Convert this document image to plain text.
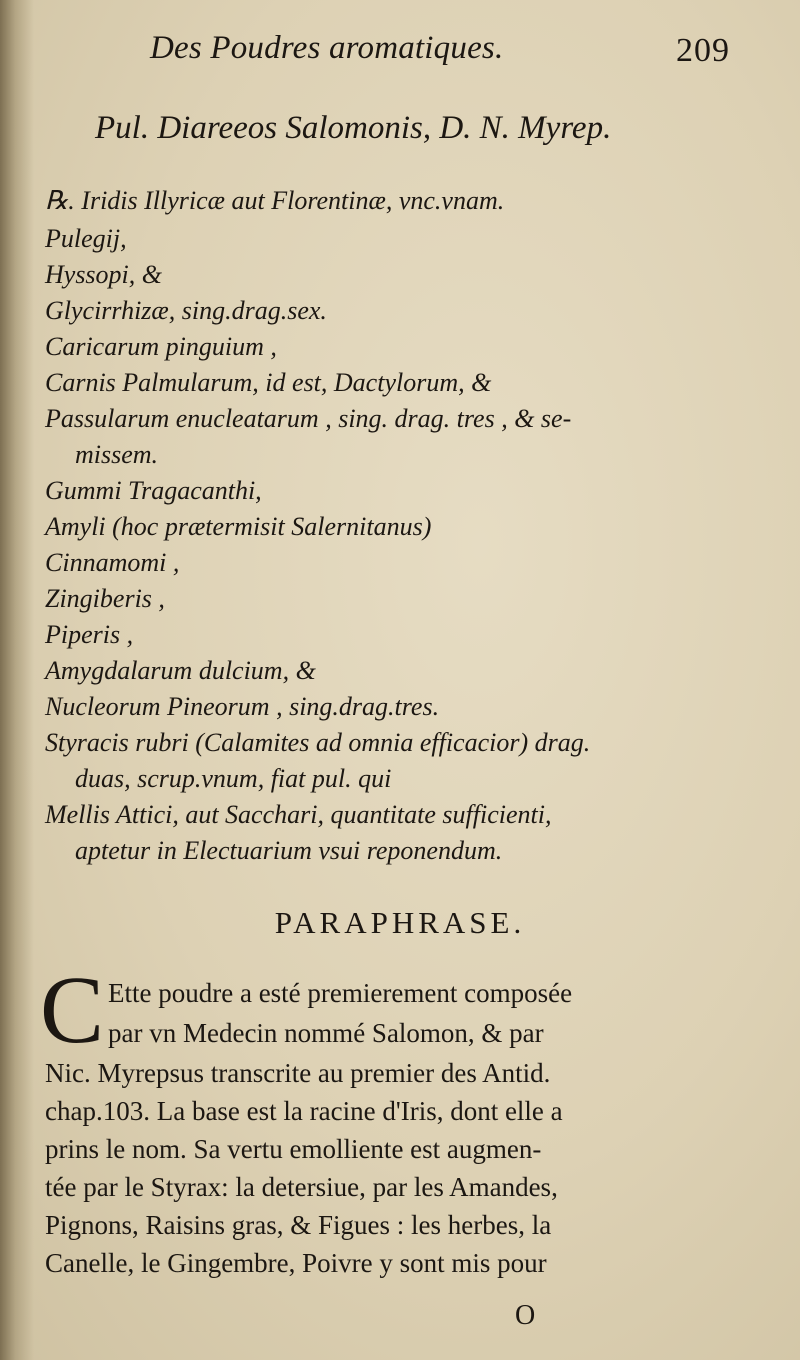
Des Poudres aromatiques.	209
Pul. Diareeos Salomonis, D. N. Myrep.
℞. Iridis Illyricæ aut Florentinæ, vnc.vnam.
Pulegij,
Hyssopi, &
Glycirrhizæ, sing.drag.sex.
Caricarum pinguium ,
Carnis Palmularum, id est, Dactylorum, &
Passularum enucleatarum , sing. drag. tres , & se-
missem.
Gummi Tragacanthi,
Amyli (hoc prætermisit Salernitanus)
Cinnamomi ,
Zingiberis ,
Piperis ,
Amygdalarum dulcium, &
Nucleorum Pineorum , sing.drag.tres.
Styracis rubri (Calamites ad omnia efficacior) drag.
duas, scrup.vnum, fiat pul. qui
Mellis Attici, aut Sacchari, quantitate sufficienti,
aptetur in Electuarium vsui reponendum.
PARAPHRASE.
C Ette poudre a esté premierement composée
par vn Medecin nommé Salomon, & par
Nic. Myrepsus transcrite au premier des Antid.
chap.103. La base est la racine d'Iris, dont elle a
prins le nom. Sa vertu emolliente est augmen-
tée par le Styrax: la detersiue, par les Amandes,
Pignons, Raisins gras, & Figues : les herbes, la
Canelle, le Gingembre, Poivre y sont mis pour
O
